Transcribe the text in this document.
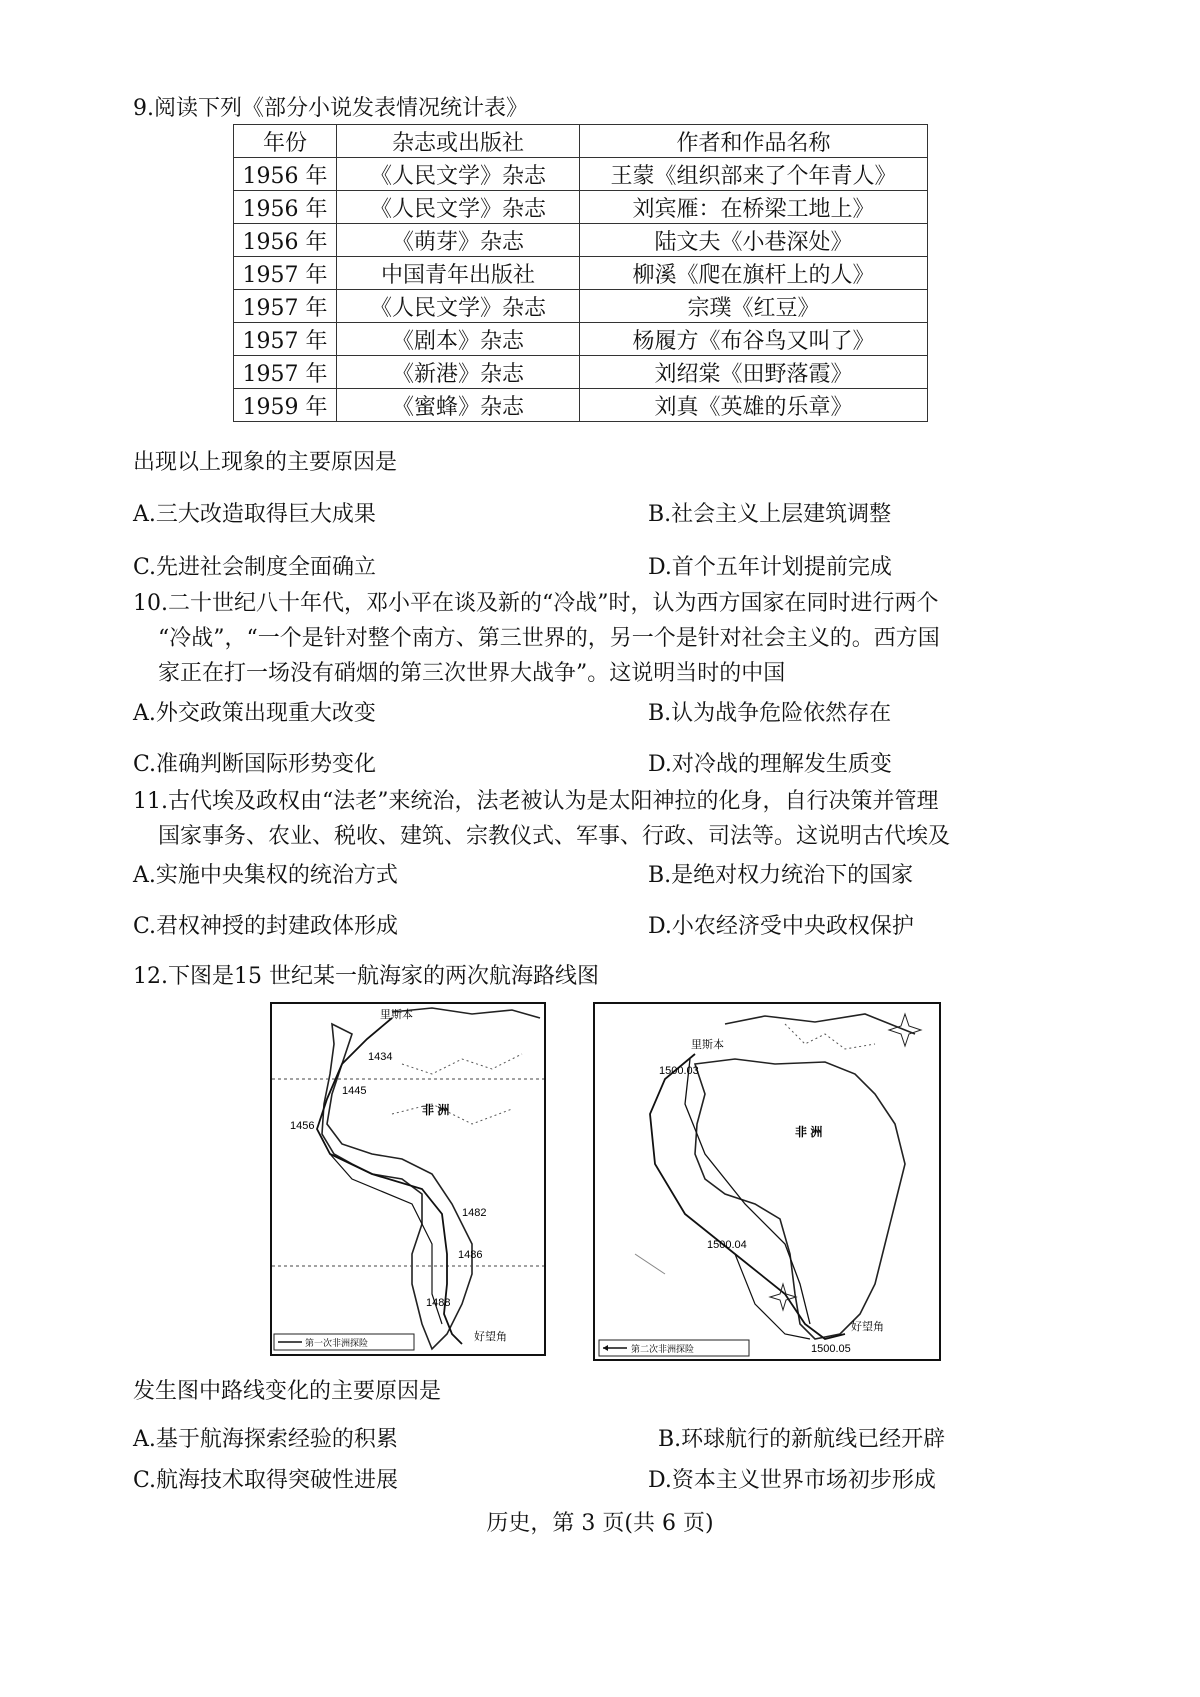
9.阅读下列《部分小说发表情况统计表》
年份	杂志或出版社	作者和作品名称
1956 年	《人民文学》杂志	王蒙《组织部来了个年青人》
1956 年	《人民文学》杂志	刘宾雁：在桥梁工地上》
1956 年	《萌芽》杂志	陆文夫《小巷深处》
1957 年	中国青年出版社	柳溪《爬在旗杆上的人》
1957 年	《人民文学》杂志	宗璞《红豆》
1957 年	《剧本》杂志	杨履方《布谷鸟又叫了》
1957 年	《新港》杂志	刘绍棠《田野落霞》
1959 年	《蜜蜂》杂志	刘真《英雄的乐章》
出现以上现象的主要原因是
A.三大改造取得巨大成果	B.社会主义上层建筑调整
C.先进社会制度全面确立	D.首个五年计划提前完成
10.二十世纪八十年代，邓小平在谈及新的“冷战”时，认为西方国家在同时进行两个
“冷战”，“一个是针对整个南方、第三世界的，另一个是针对社会主义的。西方国
家正在打一场没有硝烟的第三次世界大战争”。这说明当时的中国
A.外交政策出现重大改变	B.认为战争危险依然存在
C.准确判断国际形势变化	D.对冷战的理解发生质变
11.古代埃及政权由“法老”来统治，法老被认为是太阳神拉的化身，自行决策并管理
国家事务、农业、税收、建筑、宗教仪式、军事、行政、司法等。这说明古代埃及
A.实施中央集权的统治方式	B.是绝对权力统治下的国家
C.君权神授的封建政体形成	D.小农经济受中央政权保护
12.下图是15 世纪某一航海家的两次航海路线图
里斯本
1434
1445
非 洲
1456
1482
1486
1488
好望角
第一次非洲探险
里斯本
1500.03
非 洲
1500.04
好望角
1500.05
第二次非洲探险
发生图中路线变化的主要原因是
A.基于航海探索经验的积累	B.环球航行的新航线已经开辟
C.航海技术取得突破性进展	D.资本主义世界市场初步形成
历史，第 3 页(共 6 页)
